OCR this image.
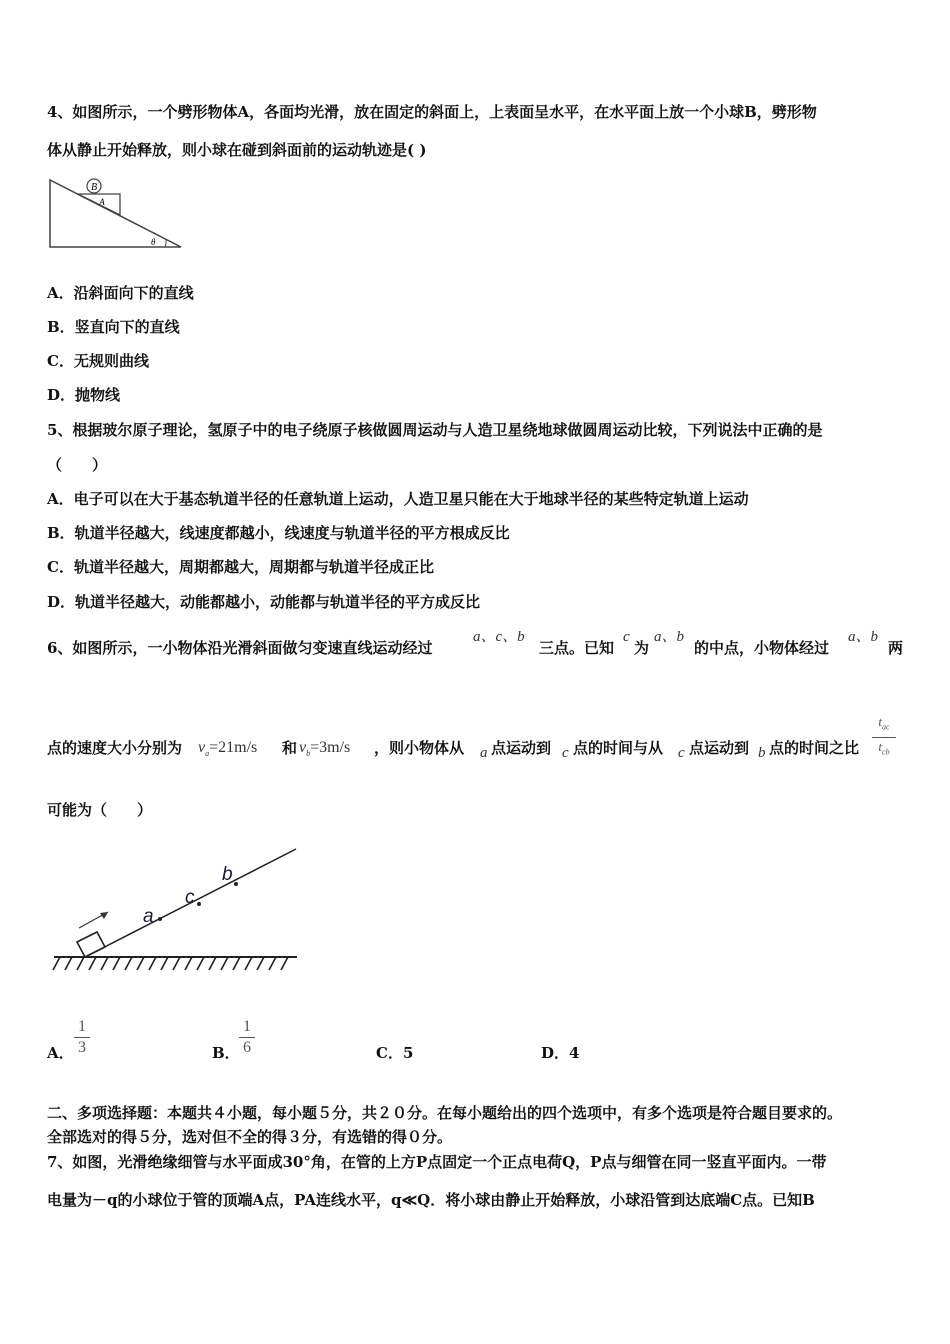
4、如图所示，一个劈形物体A，各面均光滑，放在固定的斜面上，上表面呈水平，在水平面上放一个小球B，劈形物
体从静止开始释放，则小球在碰到斜面前的运动轨迹是( )
B
A
θ
A．沿斜面向下的直线
B．竖直向下的直线
C．无规则曲线
D．抛物线
5、根据玻尔原子理论，氢原子中的电子绕原子核做圆周运动与人造卫星绕地球做圆周运动比较，下列说法中正确的是
（　　）
A．电子可以在大于基态轨道半径的任意轨道上运动，人造卫星只能在大于地球半径的某些特定轨道上运动
B．轨道半径越大，线速度都越小，线速度与轨道半径的平方根成反比
C．轨道半径越大，周期都越大，周期都与轨道半径成正比
D．轨道半径越大，动能都越小，动能都与轨道半径的平方成反比
6、如图所示，一小物体沿光滑斜面做匀变速直线运动经过
a、c、b
三点。已知
c
为
a、b
的中点，小物体经过
a、b
两
点的速度大小分别为 $v_a=21m/s$ 和 $v_b=3m/s$ ，则小物体从 a 点运动到 c 点的时间与从 c 点运动到 b 点的时间之比
$t_{ac}$
$t_{cb}$
可能为（　　）
a
c
b
A．
1
3	B．
1
6	C．5	D．4
二、多项选择题：本题共４小题，每小题５分，共２０分。在每小题给出的四个选项中，有多个选项是符合题目要求的。
全部选对的得５分，选对但不全的得３分，有选错的得０分。
7、如图，光滑绝缘细管与水平面成30°角，在管的上方P点固定一个正点电荷Q，P点与细管在同一竖直平面内。一带
电量为－q的小球位于管的顶端A点，PA连线水平，q≪Q．将小球由静止开始释放，小球沿管到达底端C点。已知B
